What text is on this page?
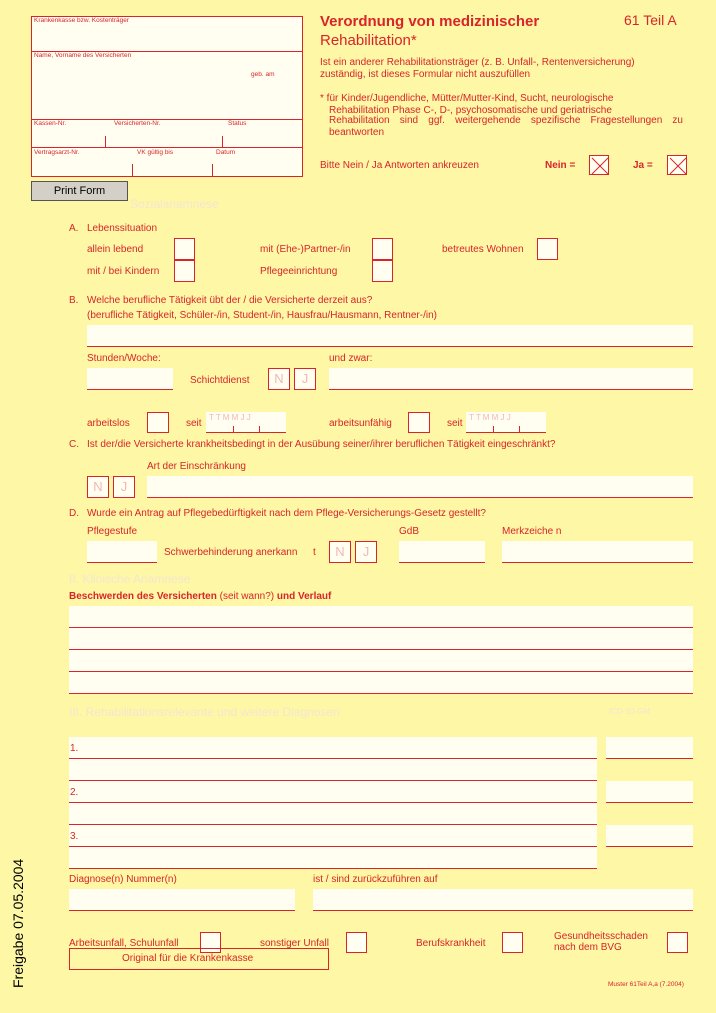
Krankenkasse bzw. Kostenträger
Name, Vorname des Versicherten
geb. am
Kassen-Nr.	Versicherten-Nr.	Status
Vertragsarzt-Nr.	VK gültig bis	Datum
Verordnung von medizinischer
Rehabilitation*
61 Teil A
Ist ein anderer Rehabilitationsträger (z. B. Unfall-, Rentenversicherung)
zuständig, ist dieses Formular nicht auszufüllen
* für Kinder/Jugendliche, Mütter/Mutter-Kind, Sucht, neurologische
Rehabilitation Phase C-, D-, psychosomatische und geriatrische
Rehabilitation sind ggf. weitergehende spezifische Fragestellungen zu
beantworten
Bitte Nein / Ja Antworten ankreuzen	Nein =	Ja =
Print Form
Sozialanamnese
A. Lebenssituation
allein lebend	mit (Ehe-)Partner-/in	betreutes Wohnen
mit / bei Kindern	Pflegeeinrichtung
B. Welche berufliche Tätigkeit übt der / die Versicherte derzeit aus?
(berufliche Tätigkeit, Schüler-/in, Student-/in, Hausfrau/Hausmann, Rentner-/in)
Stunden/Woche:	und zwar:
Schichtdienst	N	J
arbeitslos	seit
T T M M J J
arbeitsunfähig	seit
T T M M J J
C. Ist der/die Versicherte krankheitsbedingt in der Ausübung seiner/ihrer beruflichen Tätigkeit eingeschränkt?
Art der Einschränkung
N	J
D. Wurde ein Antrag auf Pflegebedürftigkeit nach dem Pflege-Versicherungs-Gesetz gestellt?
Pflegestufe	GdB	Merkzeiche n
Schwerbehinderung anerkann t	N	J
II. Klinische Anamnese
Beschwerden des Versicherten (seit wann?) und Verlauf
III. Rehabilitationsrelevante und weitere Diagnosen	ICD-10-GM
1.
2.
3.
Diagnose(n) Nummer(n)	ist / sind zurückzuführen auf
Arbeitsunfall, Schulunfall	sonstiger Unfall	Berufskrankheit
Gesundheitsschaden
nach dem BVG
Original für die Krankenkasse
Muster 61Teil A,a (7.2004)
Freigabe 07.05.2004
